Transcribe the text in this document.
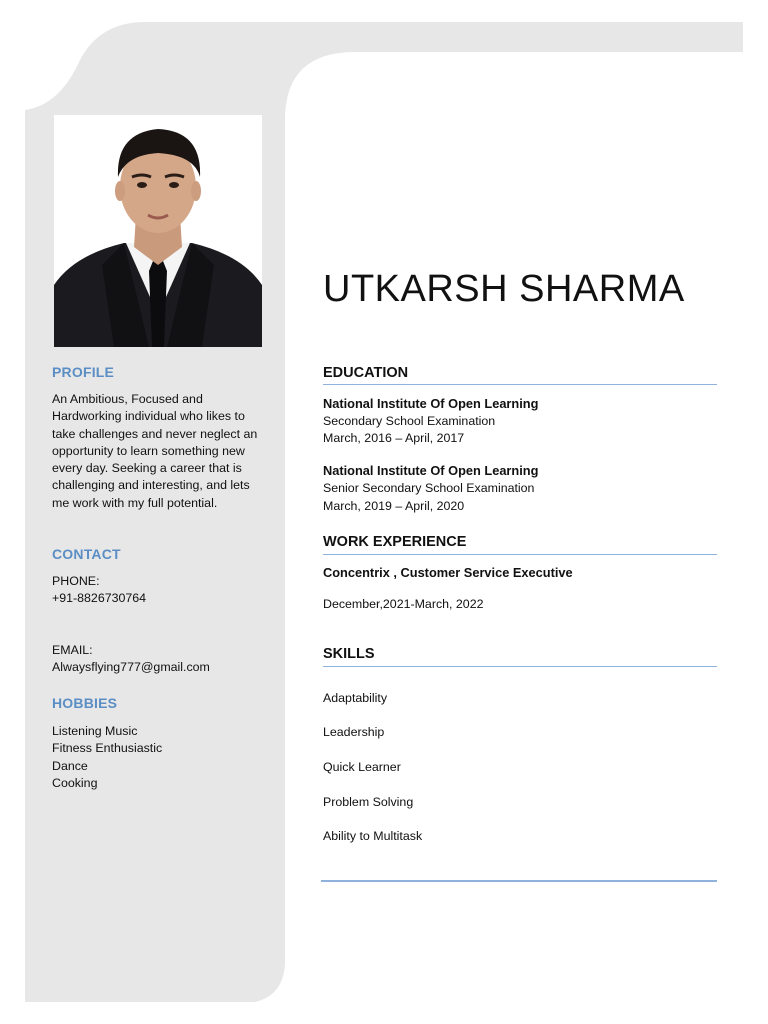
PROFILE
An Ambitious, Focused and
Hardworking individual who likes to
take challenges and never neglect an
opportunity to learn something new
every day. Seeking a career that is
challenging and interesting, and lets
me work with my full potential.
CONTACT
PHONE:
+91-8826730764
EMAIL:
Alwaysflying777@gmail.com
HOBBIES
Listening Music
Fitness Enthusiastic
Dance
Cooking
UTKARSH SHARMA
EDUCATION
National Institute Of Open Learning
Secondary School Examination
March, 2016 – April, 2017
National Institute Of Open Learning
Senior Secondary School Examination
March, 2019 – April, 2020
WORK EXPERIENCE
Concentrix , Customer Service Executive
December,2021-March, 2022
SKILLS
Adaptability
Leadership
Quick Learner
Problem Solving
Ability to Multitask
